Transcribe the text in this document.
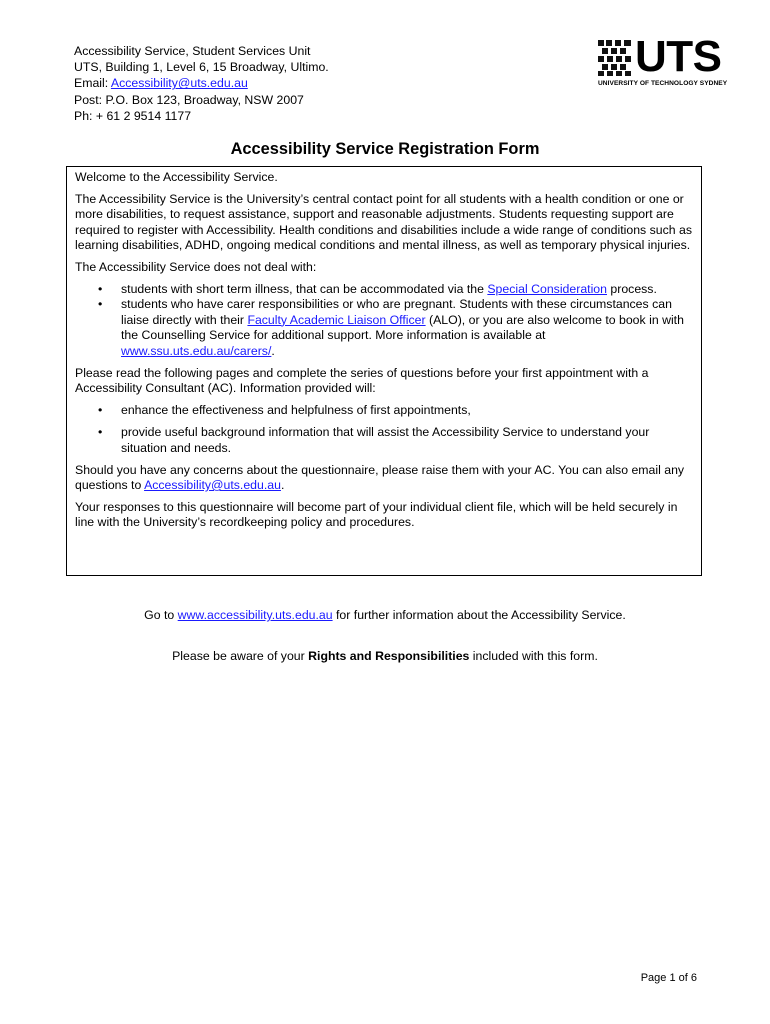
Accessibility Service, Student Services Unit
UTS, Building 1, Level 6, 15 Broadway, Ultimo.
Email: Accessibility@uts.edu.au
Post: P.O. Box 123, Broadway, NSW 2007
Ph: + 61 2 9514 1177
UTS
UNIVERSITY OF TECHNOLOGY SYDNEY
Accessibility Service Registration Form

Welcome to the Accessibility Service.

The Accessibility Service is the University’s central contact point for all students with a health condition or one or more disabilities, to request assistance, support and reasonable adjustments. Students requesting support are required to register with Accessibility. Health conditions and disabilities include a wide range of conditions such as learning disabilities, ADHD, ongoing medical conditions and mental illness, as well as temporary physical injuries.

The Accessibility Service does not deal with:

• students with short term illness, that can be accommodated via the Special Consideration process.
• students who have carer responsibilities or who are pregnant. Students with these circumstances can liaise directly with their Faculty Academic Liaison Officer (ALO), or you are also welcome to book in with the Counselling Service for additional support. More information is available at www.ssu.uts.edu.au/carers/.

Please read the following pages and complete the series of questions before your first appointment with a Accessibility Consultant (AC). Information provided will:

• enhance the effectiveness and helpfulness of first appointments,
• provide useful background information that will assist the Accessibility Service to understand your situation and needs.

Should you have any concerns about the questionnaire, please raise them with your AC. You can also email any questions to Accessibility@uts.edu.au.

Your responses to this questionnaire will become part of your individual client file, which will be held securely in line with the University’s recordkeeping policy and procedures.

Go to www.accessibility.uts.edu.au for further information about the Accessibility Service.
Please be aware of your Rights and Responsibilities included with this form.
Page 1 of 6
